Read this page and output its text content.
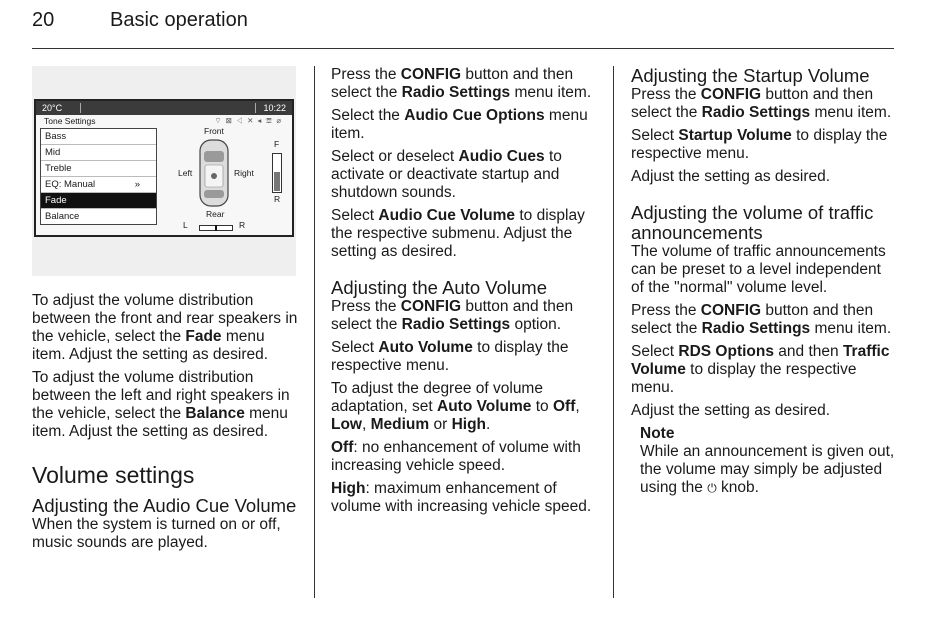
20	Basic operation
20°C	10:22
Tone Settings	⌔ ⊠ ◁ ✕ ◂ ☏ ⌀
Bass
Mid
Treble
EQ: Manual	»
Fade
Balance
Front
Left	Right
Rear
F
R
L	R

To adjust the volume distribution between the front and rear speakers in the vehicle, select the Fade menu item. Adjust the setting as desired.

To adjust the volume distribution between the left and right speakers in the vehicle, select the Balance menu item. Adjust the setting as desired.

Volume settings
Adjusting the Audio Cue Volume

When the system is turned on or off, music sounds are played.

Press the CONFIG button and then select the Radio Settings menu item.

Select the Audio Cue Options menu item.

Select or deselect Audio Cues to activate or deactivate startup and shutdown sounds.

Select Audio Cue Volume to display the respective submenu. Adjust the setting as desired.

Adjusting the Auto Volume

Press the CONFIG button and then select the Radio Settings option.

Select Auto Volume to display the respective menu.

To adjust the degree of volume adaptation, set Auto Volume to Off, Low, Medium or High.

Off: no enhancement of volume with increasing vehicle speed.

High: maximum enhancement of volume with increasing vehicle speed.

Adjusting the Startup Volume

Press the CONFIG button and then select the Radio Settings menu item.

Select Startup Volume to display the respective menu.

Adjust the setting as desired.

Adjusting the volume of traffic announcements

The volume of traffic announcements can be preset to a level independent of the "normal" volume level.

Press the CONFIG button and then select the Radio Settings menu item.

Select RDS Options and then Traffic Volume to display the respective menu.

Adjust the setting as desired.

Note
While an announcement is given out, the volume may simply be adjusted using the ⏻ knob.
